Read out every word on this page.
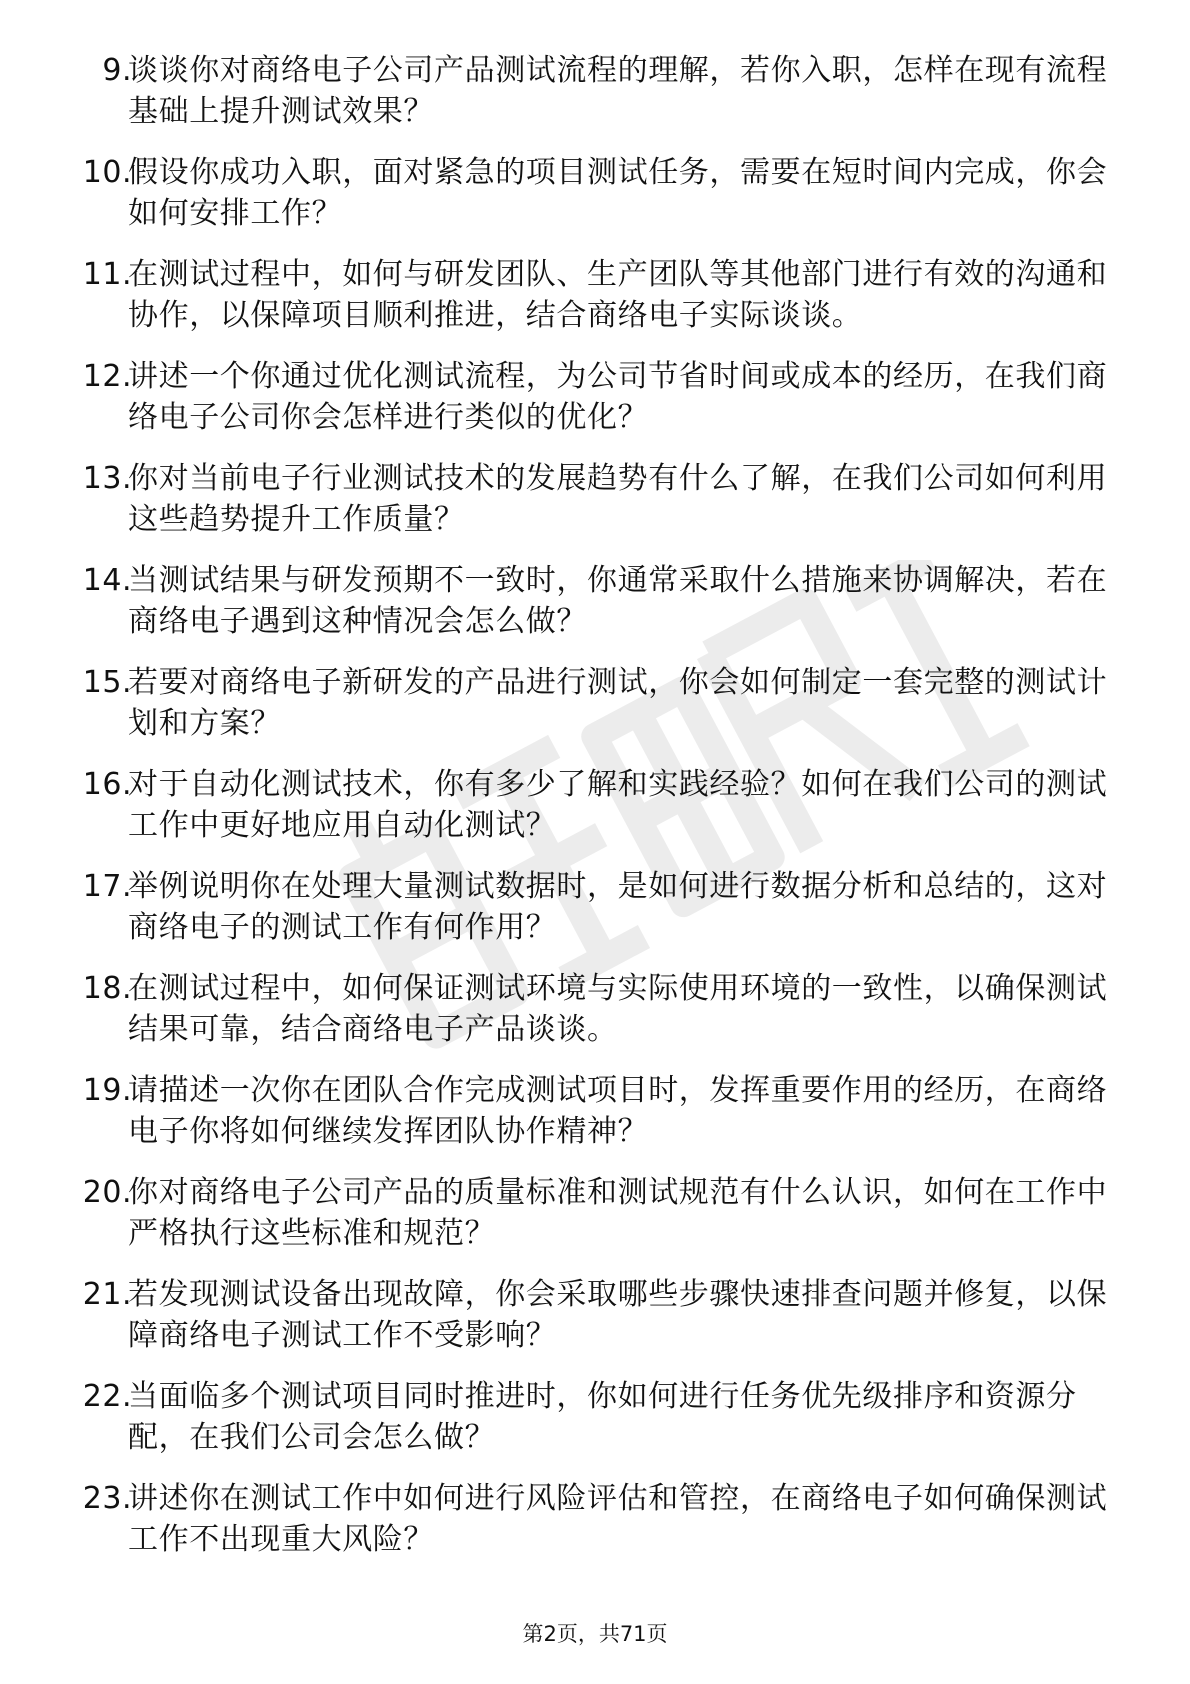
9.

谈谈你对商络电子公司产品测试流程的理解，若你入职，怎样在现有流程基础上提升测试效果？

10.

假设你成功入职，面对紧急的项目测试任务，需要在短时间内完成，你会如何安排工作？

11.

在测试过程中，如何与研发团队、生产团队等其他部门进行有效的沟通和协作，以保障项目顺利推进，结合商络电子实际谈谈。

12.

讲述一个你通过优化测试流程，为公司节省时间或成本的经历，在我们商络电子公司你会怎样进行类似的优化？

13.

你对当前电子行业测试技术的发展趋势有什么了解，在我们公司如何利用这些趋势提升工作质量？

14.

当测试结果与研发预期不一致时，你通常采取什么措施来协调解决，若在商络电子遇到这种情况会怎么做？

15.

若要对商络电子新研发的产品进行测试，你会如何制定一套完整的测试计划和方案？

16.

对于自动化测试技术，你有多少了解和实践经验？如何在我们公司的测试工作中更好地应用自动化测试？

17.

举例说明你在处理大量测试数据时，是如何进行数据分析和总结的，这对商络电子的测试工作有何作用？

18.

在测试过程中，如何保证测试环境与实际使用环境的一致性，以确保测试结果可靠，结合商络电子产品谈谈。

19.

请描述一次你在团队合作完成测试项目时，发挥重要作用的经历，在商络电子你将如何继续发挥团队协作精神？

20.

你对商络电子公司产品的质量标准和测试规范有什么认识，如何在工作中严格执行这些标准和规范？

21.

若发现测试设备出现故障，你会采取哪些步骤快速排查问题并修复，以保障商络电子测试工作不受影响？

22.

当面临多个测试项目同时推进时，你如何进行任务优先级排序和资源分配，在我们公司会怎么做？

23.

讲述你在测试工作中如何进行风险评估和管控，在商络电子如何确保测试工作不出现重大风险？

第2页，共71页
